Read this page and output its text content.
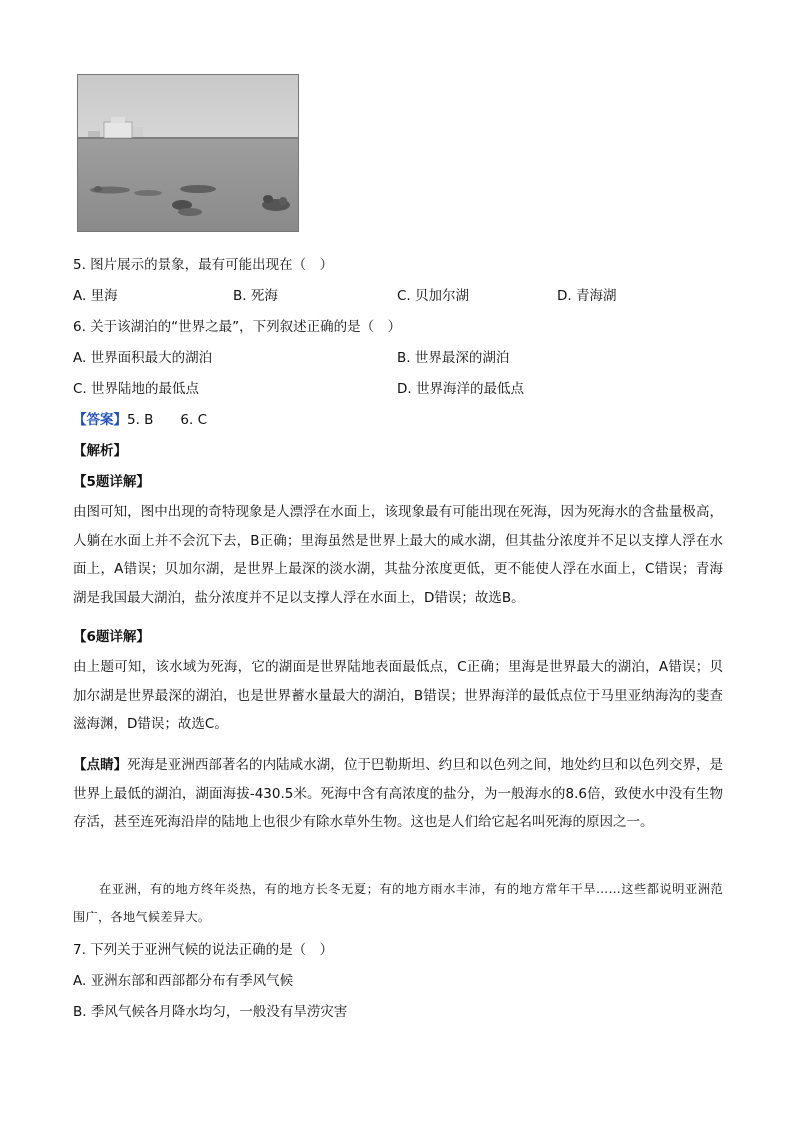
5. 图片展示的景象，最有可能出现在（　）
A. 里海	B. 死海	C. 贝加尔湖	D. 青海湖
6. 关于该湖泊的“世界之最”，下列叙述正确的是（　）
A. 世界面积最大的湖泊	B. 世界最深的湖泊
C. 世界陆地的最低点	D. 世界海洋的最低点
【答案】5. B　　6. C
【解析】
【5题详解】
由图可知，图中出现的奇特现象是人漂浮在水面上，该现象最有可能出现在死海，因为死海水的含盐量极高，人躺在水面上并不会沉下去，B正确；里海虽然是世界上最大的咸水湖，但其盐分浓度并不足以支撑人浮在水面上，A错误；贝加尔湖，是世界上最深的淡水湖，其盐分浓度更低，更不能使人浮在水面上，C错误；青海湖是我国最大湖泊，盐分浓度并不足以支撑人浮在水面上，D错误；故选B。
【6题详解】
由上题可知，该水域为死海，它的湖面是世界陆地表面最低点，C正确；里海是世界最大的湖泊，A错误；贝加尔湖是世界最深的湖泊，也是世界蓄水量最大的湖泊，B错误；世界海洋的最低点位于马里亚纳海沟的斐查滋海渊，D错误；故选C。
【点睛】死海是亚洲西部著名的内陆咸水湖，位于巴勒斯坦、约旦和以色列之间，地处约旦和以色列交界，是世界上最低的湖泊，湖面海拔-430.5米。死海中含有高浓度的盐分，为一般海水的8.6倍，致使水中没有生物存活，甚至连死海沿岸的陆地上也很少有除水草外生物。这也是人们给它起名叫死海的原因之一。
在亚洲，有的地方终年炎热，有的地方长冬无夏；有的地方雨水丰沛，有的地方常年干旱……这些都说明亚洲范围广，各地气候差异大。
7. 下列关于亚洲气候的说法正确的是（　）
A. 亚洲东部和西部都分布有季风气候
B. 季风气候各月降水均匀，一般没有旱涝灾害
